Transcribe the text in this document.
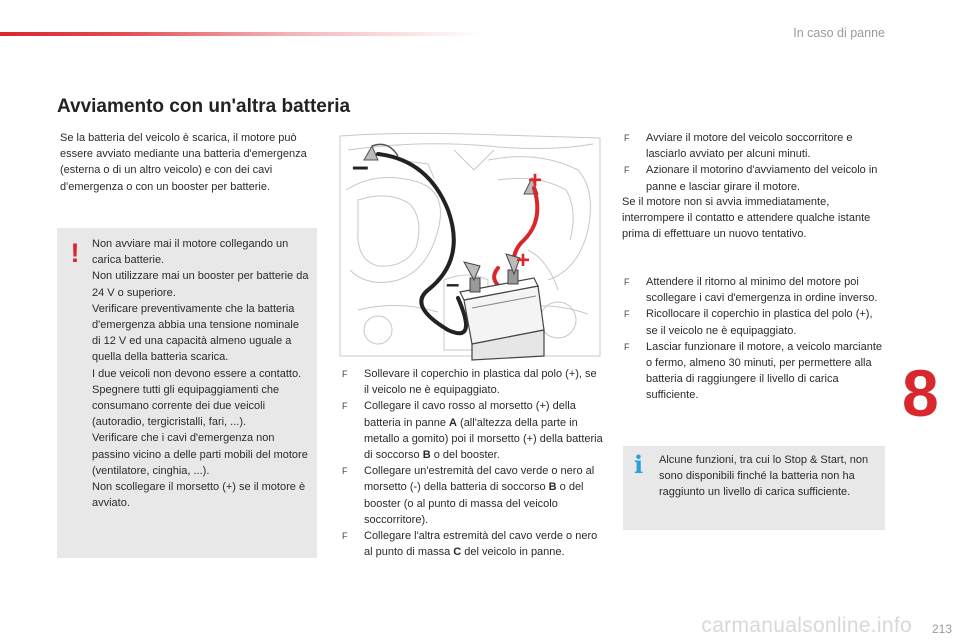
In caso di panne
Avviamento con un'altra batteria

Se la batteria del veicolo è scarica, il motore può essere avviato mediante una batteria d'emergenza (esterna o di un altro veicolo) e con dei cavi d'emergenza o con un booster per batterie.

!	Non avviare mai il motore collegando un carica batterie.

Non utilizzare mai un booster per batterie da 24 V o superiore.

Verificare preventivamente che la batteria d'emergenza abbia una tensione nominale di 12 V ed una capacità almeno uguale a quella della batteria scarica.

I due veicoli non devono essere a contatto.

Spegnere tutti gli equipaggiamenti che consumano corrente dei due veicoli (autoradio, tergicristalli, fari, ...).

Verificare che i cavi d'emergenza non passino vicino a delle parti mobili del motore (ventilatore, cinghia, ...).

Non scollegare il morsetto (+) se il motore è avviato.

–	+
+
–
F Sollevare il coperchio in plastica dal polo (+), se il veicolo ne è equipaggiato.
F Collegare il cavo rosso al morsetto (+) della batteria in panne A (all'altezza della parte in metallo a gomito) poi il morsetto (+) della batteria di soccorso B o del booster.
F Collegare un'estremità del cavo verde o nero al morsetto (-) della batteria di soccorso B o del booster (o al punto di massa del veicolo soccorritore).
F Collegare l'altra estremità del cavo verde o nero al punto di massa C del veicolo in panne.
F Avviare il motore del veicolo soccorritore e lasciarlo avviato per alcuni minuti.
F Azionare il motorino d'avviamento del veicolo in panne e lasciar girare il motore.

Se il motore non si avvia immediatamente, interrompere il contatto e attendere qualche istante prima di effettuare un nuovo tentativo.

F Attendere il ritorno al minimo del motore poi scollegare i cavi d'emergenza in ordine inverso.
F Ricollocare il coperchio in plastica del polo (+), se il veicolo ne è equipaggiato.
F Lasciar funzionare il motore, a veicolo marciante o fermo, almeno 30 minuti, per permettere alla batteria di raggiungere il livello di carica sufficiente.
i Alcune funzioni, tra cui lo Stop & Start, non sono disponibili finché la batteria non ha raggiunto un livello di carica sufficiente.

8
carmanualsonline.info 213
